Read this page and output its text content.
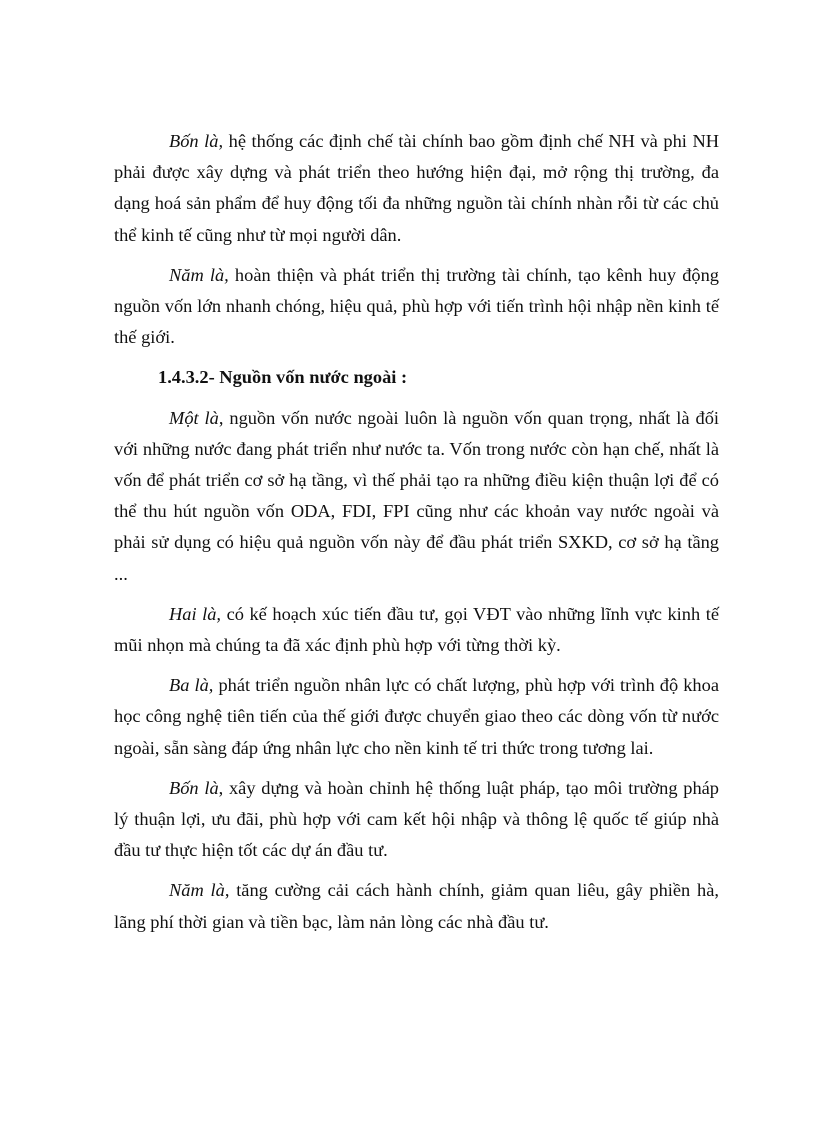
Bốn là, hệ thống các định chế tài chính bao gồm định chế NH và phi NH phải được xây dựng và phát triển theo hướng hiện đại, mở rộng thị trường, đa dạng hoá sản phẩm để huy động tối đa những nguồn tài chính nhàn rỗi từ các chủ thể kinh tế cũng như từ mọi người dân.

Năm là, hoàn thiện và phát triển thị trường tài chính, tạo kênh huy động nguồn vốn lớn nhanh chóng, hiệu quả, phù hợp với tiến trình hội nhập nền kinh tế thế giới.

1.4.3.2- Nguồn vốn nước ngoài :

Một là, nguồn vốn nước ngoài luôn là nguồn vốn quan trọng, nhất là đối với những nước đang phát triển như nước ta. Vốn trong nước còn hạn chế, nhất là vốn để phát triển cơ sở hạ tầng, vì thế phải tạo ra những điều kiện thuận lợi để có thể thu hút nguồn vốn ODA, FDI, FPI cũng như các khoản vay nước ngoài và phải sử dụng có hiệu quả nguồn vốn này để đầu phát triển SXKD, cơ sở hạ tầng ...

Hai là, có kế hoạch xúc tiến đầu tư, gọi VĐT vào những lĩnh vực kinh tế mũi nhọn mà chúng ta đã xác định phù hợp với từng thời kỳ.

Ba là, phát triển nguồn nhân lực có chất lượng, phù hợp với trình độ khoa học công nghệ tiên tiến của thế giới được chuyển giao theo các dòng vốn từ nước ngoài, sẵn sàng đáp ứng nhân lực cho nền kinh tế tri thức trong tương lai.

Bốn là, xây dựng và hoàn chỉnh hệ thống luật pháp, tạo môi trường pháp lý thuận lợi, ưu đãi, phù hợp với cam kết hội nhập và thông lệ quốc tế giúp nhà đầu tư thực hiện tốt các dự án đầu tư.

Năm là, tăng cường cải cách hành chính, giảm quan liêu, gây phiền hà, lãng phí thời gian và tiền bạc, làm nản lòng các nhà đầu tư.
